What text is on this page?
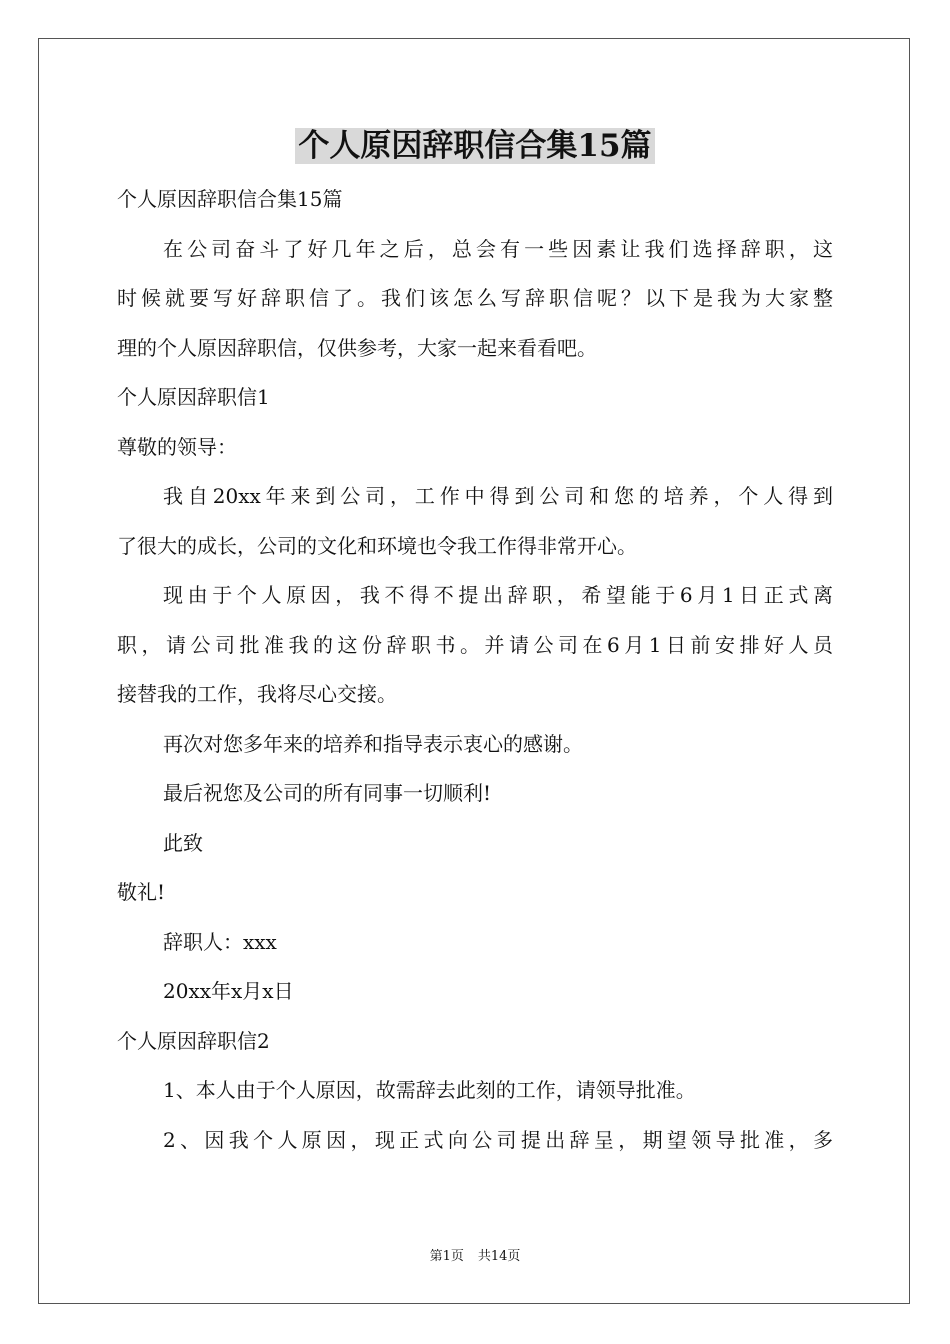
个人原因辞职信合集15篇

个人原因辞职信合集15篇

在公司奋斗了好几年之后，总会有一些因素让我们选择辞职，这

时候就要写好辞职信了。我们该怎么写辞职信呢？以下是我为大家整

理的个人原因辞职信，仅供参考，大家一起来看看吧。

个人原因辞职信1

尊敬的领导：

我自20xx年来到公司，工作中得到公司和您的培养，个人得到

了很大的成长，公司的文化和环境也令我工作得非常开心。

现由于个人原因，我不得不提出辞职，希望能于6月1日正式离

职，请公司批准我的这份辞职书。并请公司在6月1日前安排好人员

接替我的工作，我将尽心交接。

再次对您多年来的培养和指导表示衷心的感谢。

最后祝您及公司的所有同事一切顺利!

此致

敬礼!

辞职人：xxx

20xx年x月x日

个人原因辞职信2

1、本人由于个人原因，故需辞去此刻的工作，请领导批准。

2、因我个人原因，现正式向公司提出辞呈，期望领导批准，多

第1页 共14页
